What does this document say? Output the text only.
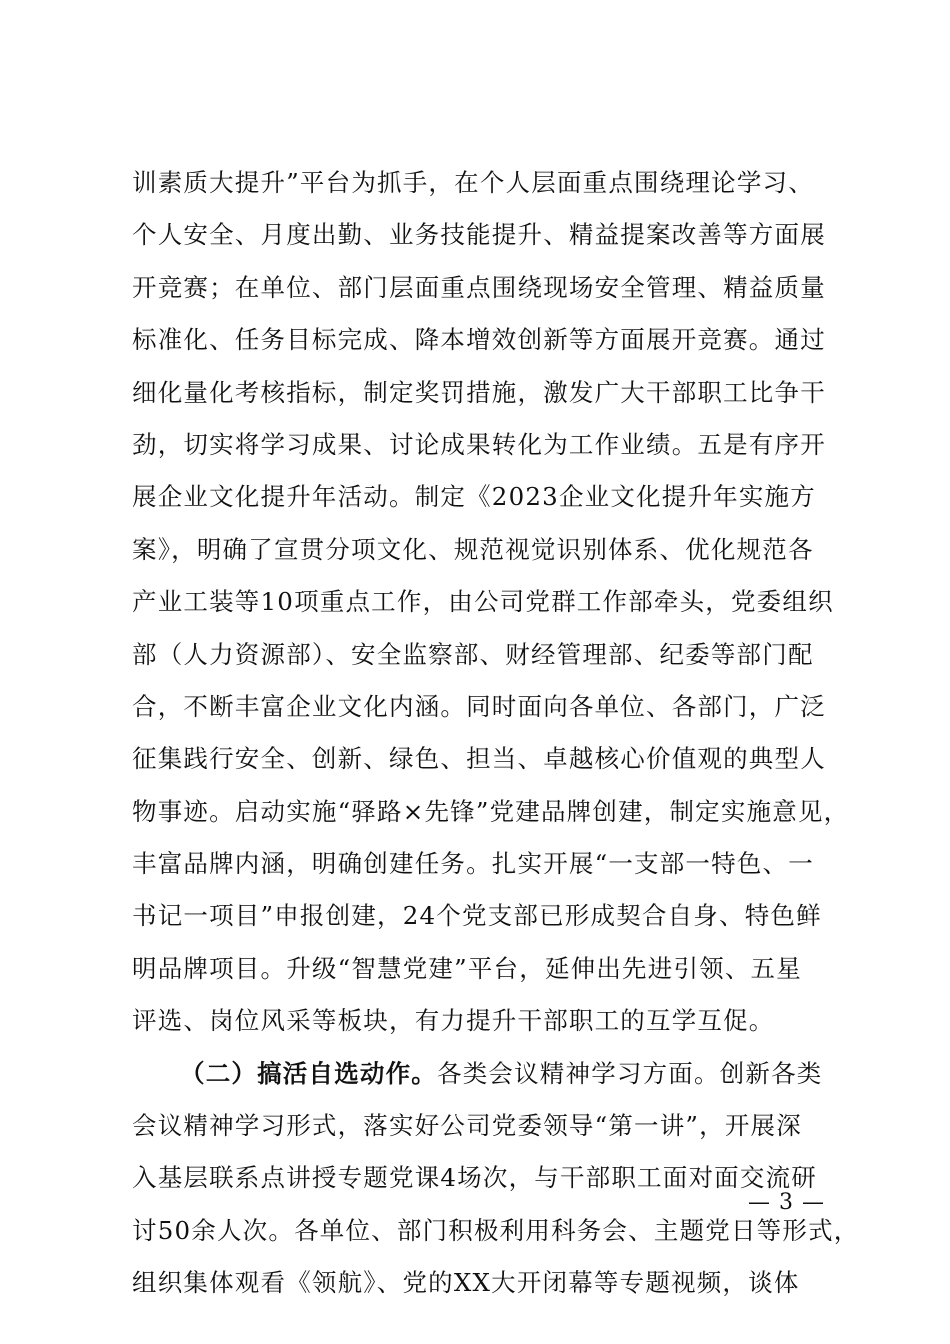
训素质大提升”平台为抓手，在个人层面重点围绕理论学习、
个人安全、月度出勤、业务技能提升、精益提案改善等方面展
开竞赛；在单位、部门层面重点围绕现场安全管理、精益质量
标准化、任务目标完成、降本增效创新等方面展开竞赛。通过
细化量化考核指标，制定奖罚措施，激发广大干部职工比争干
劲，切实将学习成果、讨论成果转化为工作业绩。五是有序开
展企业文化提升年活动。制定《2023企业文化提升年实施方
案》，明确了宣贯分项文化、规范视觉识别体系、优化规范各
产业工装等10项重点工作，由公司党群工作部牵头，党委组织
部（人力资源部）、安全监察部、财经管理部、纪委等部门配
合，不断丰富企业文化内涵。同时面向各单位、各部门，广泛
征集践行安全、创新、绿色、担当、卓越核心价值观的典型人
物事迹。启动实施“驿路×先锋”党建品牌创建，制定实施意见，
丰富品牌内涵，明确创建任务。扎实开展“一支部一特色、一
书记一项目”申报创建，24个党支部已形成契合自身、特色鲜
明品牌项目。升级“智慧党建”平台，延伸出先进引领、五星
评选、岗位风采等板块，有力提升干部职工的互学互促。
（二）搞活自选动作。各类会议精神学习方面。创新各类
会议精神学习形式，落实好公司党委领导“第一讲”，开展深
入基层联系点讲授专题党课4场次，与干部职工面对面交流研
讨50余人次。各单位、部门积极利用科务会、主题党日等形式，
组织集体观看《领航》、党的XX大开闭幕等专题视频，谈体
— 3 —
